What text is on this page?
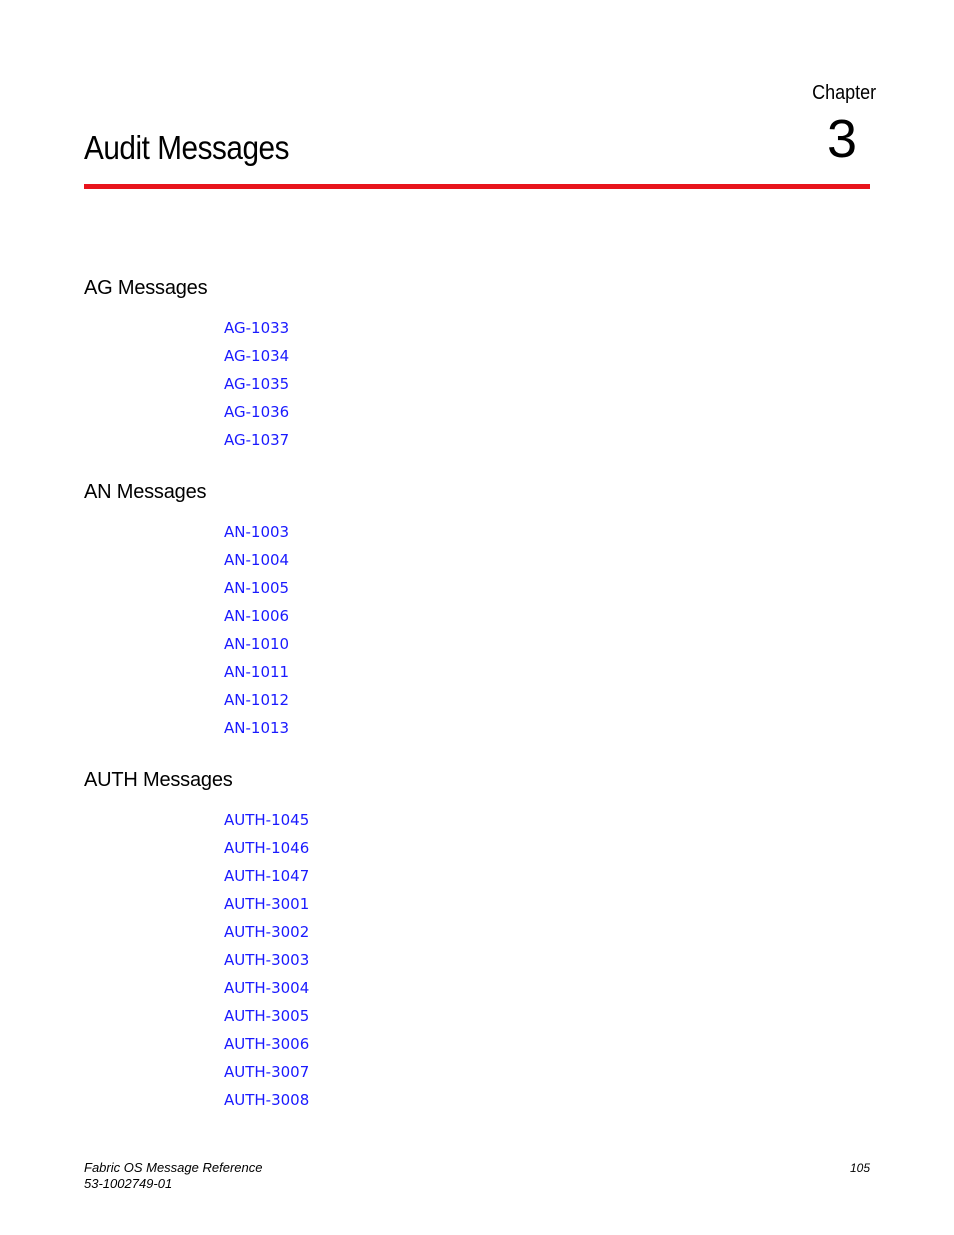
Chapter
3
Audit Messages
AG Messages
AG-1033
AG-1034
AG-1035
AG-1036
AG-1037
AN Messages
AN-1003
AN-1004
AN-1005
AN-1006
AN-1010
AN-1011
AN-1012
AN-1013
AUTH Messages
AUTH-1045
AUTH-1046
AUTH-1047
AUTH-3001
AUTH-3002
AUTH-3003
AUTH-3004
AUTH-3005
AUTH-3006
AUTH-3007
AUTH-3008
Fabric OS Message Reference
53-1002749-01
105
